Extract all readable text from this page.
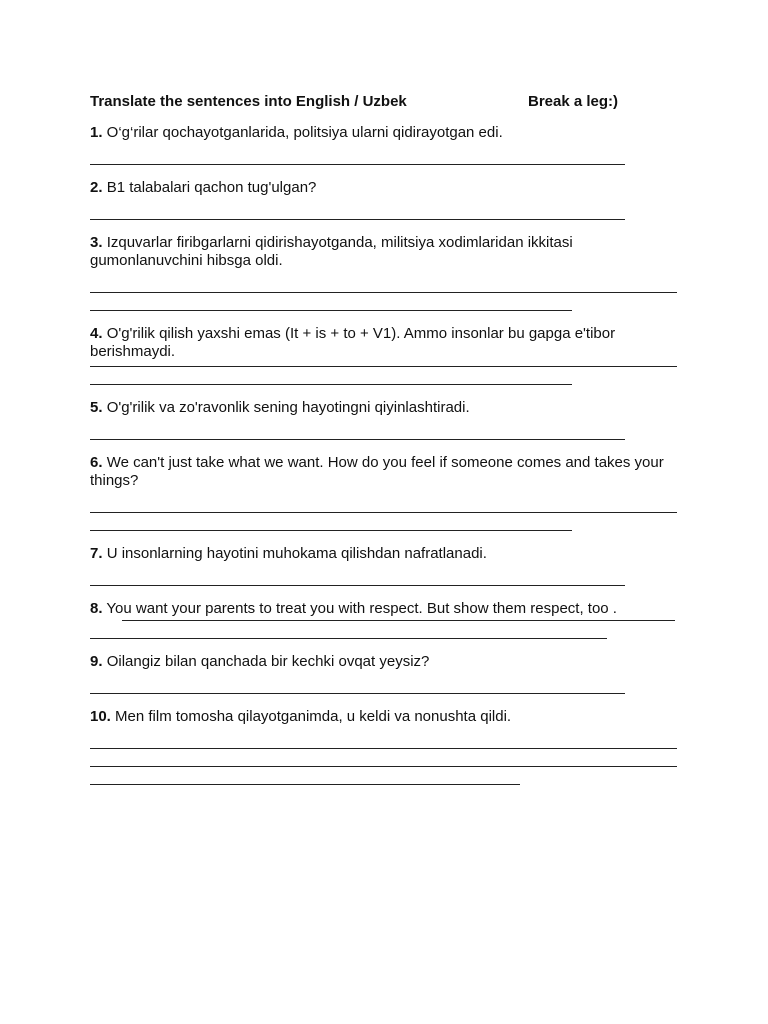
Translate the sentences into English / Uzbek	Break a leg:)
1. O‘g‘rilar qochayotganlarida, politsiya ularni qidirayotgan edi.
2. B1 talabalari qachon tug'ulgan?
3. Izquvarlar firibgarlarni qidirishayotganda, militsiya xodimlaridan ikkitasi gumonlanuvchini hibsga oldi.
4. O'g'rilik qilish yaxshi emas (It + is + to + V1). Ammo insonlar bu gapga e'tibor berishmaydi.
5. O'g'rilik va zo'ravonlik sening hayotingni qiyinlashtiradi.
6. We can't just take what we want. How do you feel if someone comes and takes your things?
7. U insonlarning hayotini muhokama qilishdan nafratlanadi.
8. You want your parents to treat you with respect. But show them respect, too .
9. Oilangiz bilan qanchada bir kechki ovqat yeysiz?
10. Men film tomosha qilayotganimda, u keldi va nonushta qildi.
